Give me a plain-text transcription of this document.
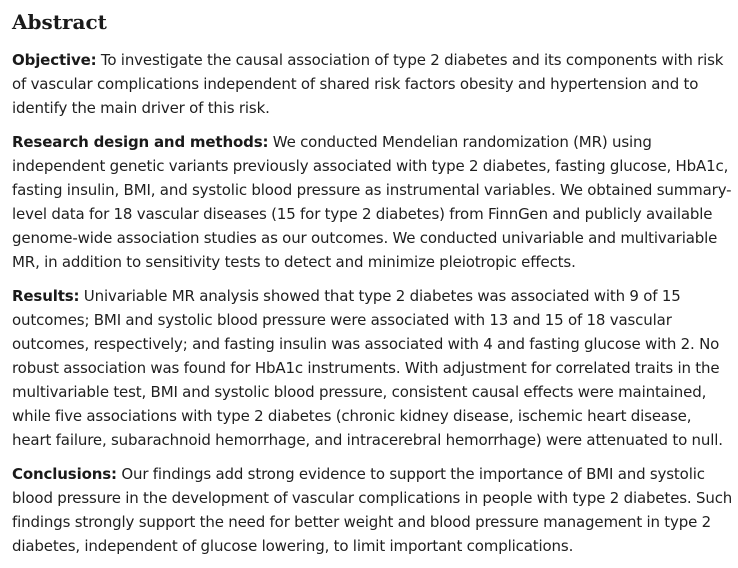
Abstract

Objective: To investigate the causal association of type 2 diabetes and its components with risk of vascular complications independent of shared risk factors obesity and hypertension and to identify the main driver of this risk.

Research design and methods: We conducted Mendelian randomization (MR) using independent genetic variants previously associated with type 2 diabetes, fasting glucose, HbA1c, fasting insulin, BMI, and systolic blood pressure as instrumental variables. We obtained summary-level data for 18 vascular diseases (15 for type 2 diabetes) from FinnGen and publicly available genome-wide association studies as our outcomes. We conducted univariable and multivariable MR, in addition to sensitivity tests to detect and minimize pleiotropic effects.

Results: Univariable MR analysis showed that type 2 diabetes was associated with 9 of 15 outcomes; BMI and systolic blood pressure were associated with 13 and 15 of 18 vascular outcomes, respectively; and fasting insulin was associated with 4 and fasting glucose with 2. No robust association was found for HbA1c instruments. With adjustment for correlated traits in the multivariable test, BMI and systolic blood pressure, consistent causal effects were maintained, while five associations with type 2 diabetes (chronic kidney disease, ischemic heart disease, heart failure, subarachnoid hemorrhage, and intracerebral hemorrhage) were attenuated to null.

Conclusions: Our findings add strong evidence to support the importance of BMI and systolic blood pressure in the development of vascular complications in people with type 2 diabetes. Such findings strongly support the need for better weight and blood pressure management in type 2 diabetes, independent of glucose lowering, to limit important complications.
